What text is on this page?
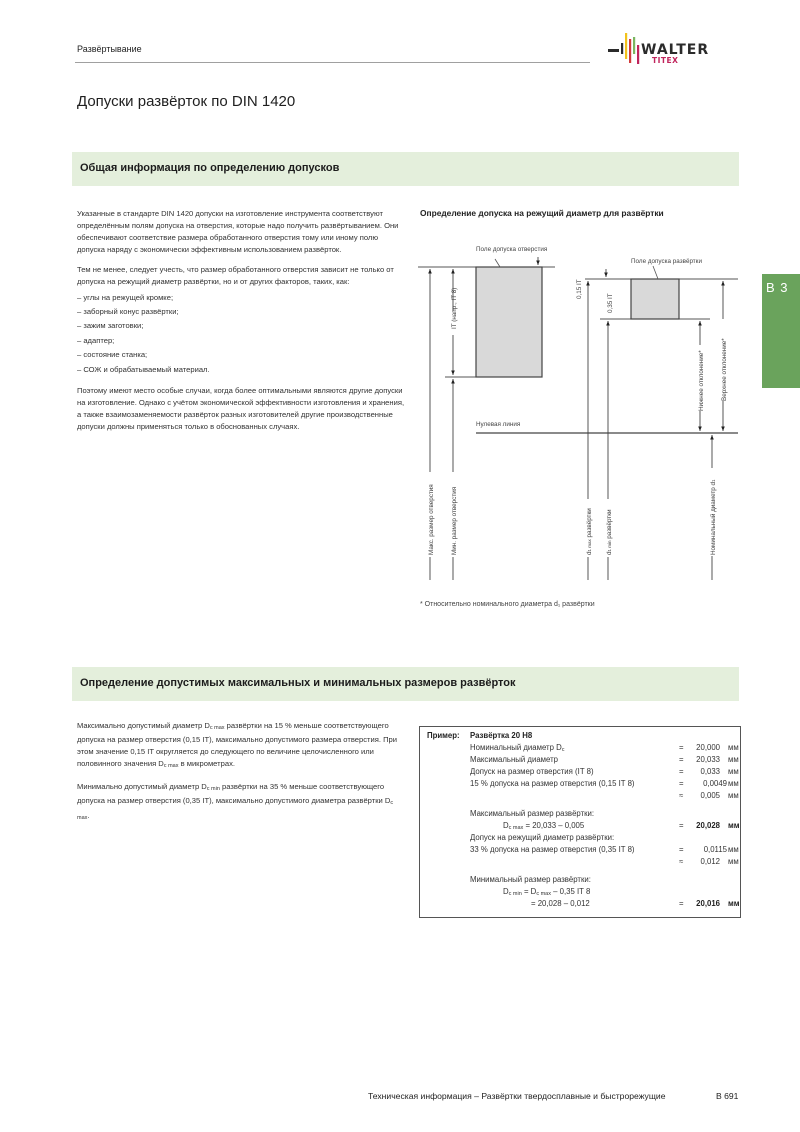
Развёртывание	WALTER
TITEX
Допуски развёрток по DIN 1420
Общая информация по определению допусков
B 3

Указанные в стандарте DIN 1420 допуски на изготовление инструмента соответствуют определённым полям допуска на отверстия, которые надо получить развёртыванием. Они обеспечивают соответствие размера обработанного отверстия тому или иному полю допуска наряду с экономически эффективным использованием развёрток.

Тем не менее, следует учесть, что размер обработанного отверстия зависит не только от допуска на режущий диаметр развёртки, но и от других факторов, таких, как:

– углы на режущей кромке;
– заборный конус развёртки;
– зажим заготовки;
– адаптер;
– состояние станка;
– СОЖ и обрабатываемый материал.

Поэтому имеют место особые случаи, когда более оптимальными являются другие допуски на изготовление. Однако с учётом экономической эффективности изготовления и хранения, а также взаимозаменяемости развёрток разных изготовителей другие производственные допуски должны применяться только в обоснованных случаях.

Определение допуска на режущий диаметр для развёртки
Поле допуска отверстия
Поле допуска развёртки
IT (напр., IT 8)	0,15 IT
0,35 IT
Нижнее отклонение*	Верхнее отклонение*
Нулевая линия
Макс. размер отверстия	Мин. размер отверстия	d1 max развёртки
d1 min развёртки	Номинальный диаметр d1
* Относительно номинального диаметра d₁ развёртки
Определение допустимых максимальных и минимальных размеров развёрток

Максимально допустимый диаметр $D_{c max}$ развёртки на 15 % меньше соответствующего допуска на размер отверстия (0,15 IT), максимально допустимого размера отверстия. При этом значение 0,15 IT округляется до следующего по величине целочисленного или половинного значения $D_{c max}$ в микрометрах.

Минимально допустимый диаметр $D_{c min}$ развёртки на 35 % меньше соответствующего допуска на размер отверстия (0,35 IT), максимально допустимого диаметра развёртки $D_{c max}$.

Пример: Развёртка 20 H8
Номинальный диаметр $D_c$	=	20,000 мм
Максимальный диаметр	=	20,033 мм
Допуск на размер отверстия (IT 8)	=	0,033 мм
15 % допуска на размер отверстия (0,15 IT 8)	=	0,0049 мм
≈	0,005 мм
Максимальный размер развёртки:
$D_{c max} = 20,033 - 0,005$	=	20,028 мм
Допуск на режущий диаметр развёртки:
33 % допуска на размер отверстия (0,35 IT 8)	=	0,0115 мм
≈	0,012 мм
Минимальный размер развёртки:
$D_{c min} = D_{c max} - 0,35$ IT 8
= 20,028 – 0,012	=	20,016 мм
Техническая информация – Развёртки твердосплавные и быстрорежущие	B 691
